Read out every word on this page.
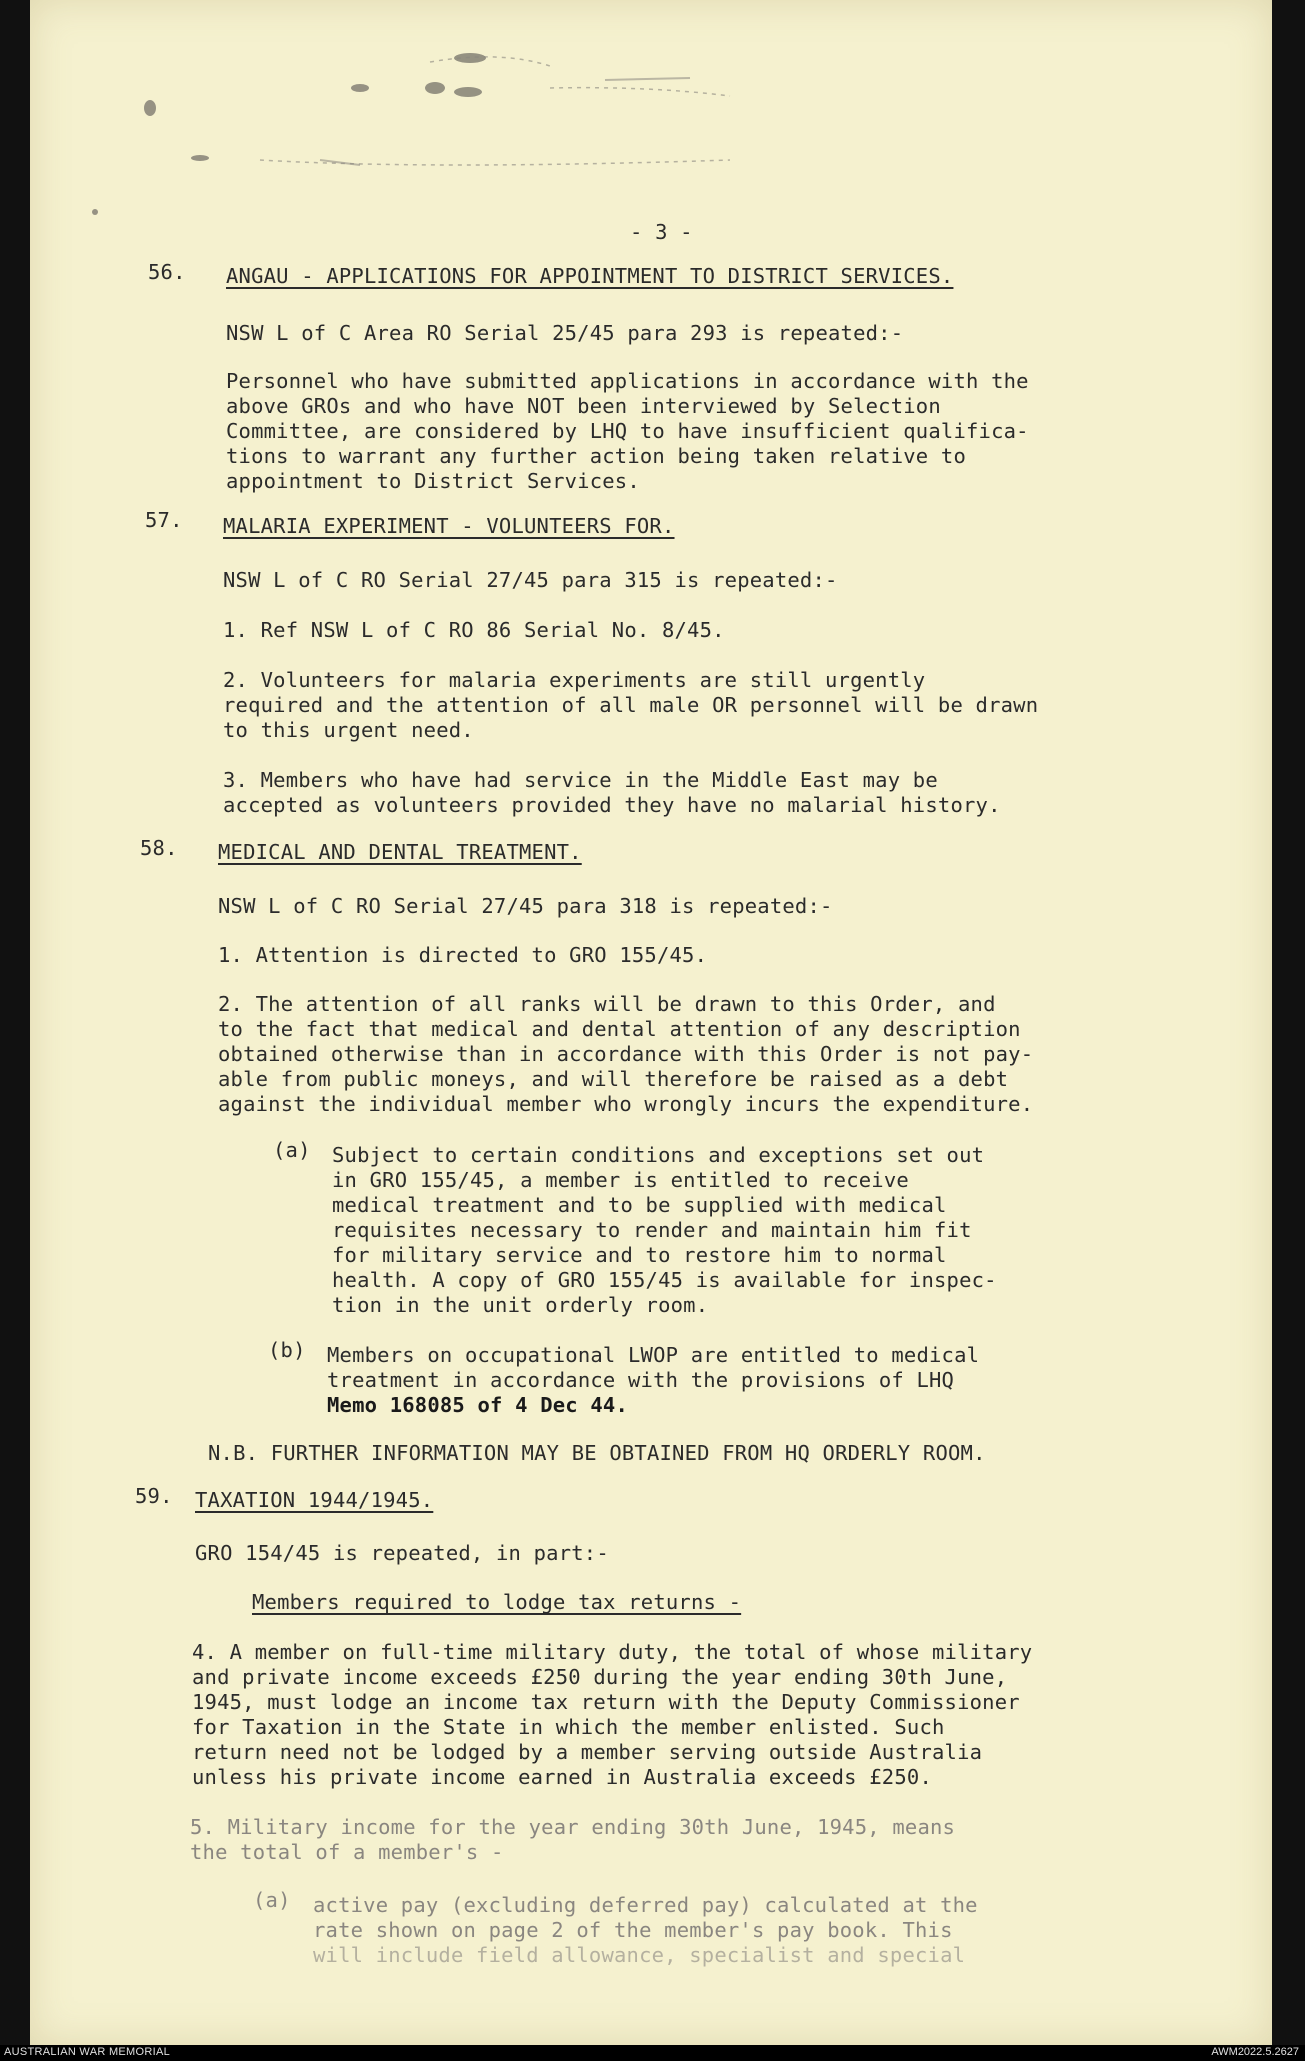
- 3 -
56. ANGAU - APPLICATIONS FOR APPOINTMENT TO DISTRICT SERVICES.
NSW L of C Area RO Serial 25/45 para 293 is repeated:-
Personnel who have submitted applications in accordance with the
above GROs and who have NOT been interviewed by Selection
Committee, are considered by LHQ to have insufficient qualifica-
tions to warrant any further action being taken relative to
appointment to District Services.
57. MALARIA EXPERIMENT - VOLUNTEERS FOR.
NSW L of C RO Serial 27/45 para 315 is repeated:-
1. Ref NSW L of C RO 86 Serial No. 8/45.
2. Volunteers for malaria experiments are still urgently
required and the attention of all male OR personnel will be drawn
to this urgent need.
3. Members who have had service in the Middle East may be
accepted as volunteers provided they have no malarial history.
58. MEDICAL AND DENTAL TREATMENT.
NSW L of C RO Serial 27/45 para 318 is repeated:-
1. Attention is directed to GRO 155/45.
2. The attention of all ranks will be drawn to this Order, and
to the fact that medical and dental attention of any description
obtained otherwise than in accordance with this Order is not pay-
able from public moneys, and will therefore be raised as a debt
against the individual member who wrongly incurs the expenditure.
(a) Subject to certain conditions and exceptions set out
in GRO 155/45, a member is entitled to receive
medical treatment and to be supplied with medical
requisites necessary to render and maintain him fit
for military service and to restore him to normal
health. A copy of GRO 155/45 is available for inspec-
tion in the unit orderly room.
(b) Members on occupational LWOP are entitled to medical
treatment in accordance with the provisions of LHQ
Memo 168085 of 4 Dec 44.
N.B. FURTHER INFORMATION MAY BE OBTAINED FROM HQ ORDERLY ROOM.
59. TAXATION 1944/1945.
GRO 154/45 is repeated, in part:-
Members required to lodge tax returns -
4. A member on full-time military duty, the total of whose military
and private income exceeds £250 during the year ending 30th June,
1945, must lodge an income tax return with the Deputy Commissioner
for Taxation in the State in which the member enlisted. Such
return need not be lodged by a member serving outside Australia
unless his private income earned in Australia exceeds £250.
5. Military income for the year ending 30th June, 1945, means
the total of a member's -
(a) active pay (excluding deferred pay) calculated at the
rate shown on page 2 of the member's pay book. This
will include field allowance, specialist and special
AUSTRALIAN WAR MEMORIAL	AWM2022.5.2627
